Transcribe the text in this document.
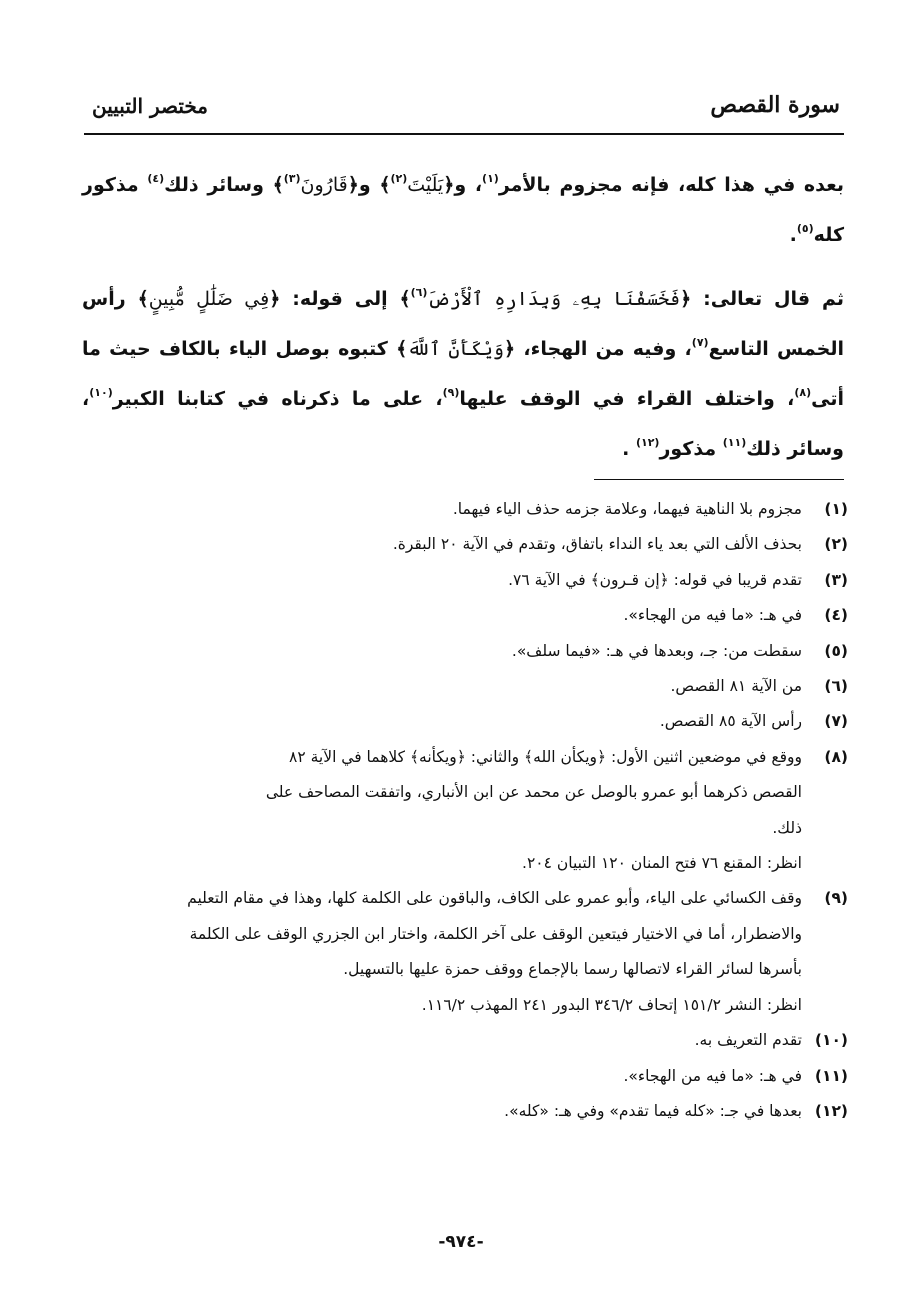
سورة القصص
مختصر التبيين

بعده في هذا كله، فإنه مجزوم بالأمر$^{(١)}$، و﴿يَلَيْتَ$^{(٢)}$﴾ و﴿قَارُونَ$^{(٣)}$﴾ وسائر ذلك$^{(٤)}$ مذكور كله$^{(٥)}$.

ثم قال تعالى: ﴿فَخَسَفْنَا بِهِۦ وَبِدَارِهِ ٱلْأَرْضَ$^{(٦)}$﴾ إلى قوله: ﴿فِي ضَلَٰلٍ مُّبِينٍ﴾ رأس الخمس التاسع$^{(٧)}$، وفيه من الهجاء، ﴿وَيْكَأَنَّ ٱللَّهَ﴾ كتبوه بوصل الياء بالكاف حيث ما أتى$^{(٨)}$، واختلف القراء في الوقف عليها$^{(٩)}$، على ما ذكرناه في كتابنا الكبير$^{(١٠)}$، وسائر ذلك$^{(١١)}$ مذكور$^{(١٢)}$ .

(١)
مجزوم بلا الناهية فيهما، وعلامة جزمه حذف الياء فيهما.
(٢)
بحذف الألف التي بعد ياء النداء باتفاق، وتقدم في الآية ٢٠ البقرة.
(٣)
تقدم قريبا في قوله: ﴿إن قـرون﴾ في الآية ٧٦.
(٤)
في هـ: «ما فيه من الهجاء».
(٥)
سقطت من: جـ، وبعدها في هـ: «فيما سلف».
(٦)
من الآية ٨١ القصص.
(٧)
رأس الآية ٨٥ القصص.
(٨)
ووقع في موضعين اثنين الأول: ﴿ويكأن الله﴾ والثاني: ﴿ويكأنه﴾ كلاهما في الآية ٨٢
القصص ذكرهما أبو عمرو بالوصل عن محمد عن ابن الأنباري، واتفقت المصاحف على
ذلك.
انظر: المقنع ٧٦ فتح المنان ١٢٠ التبيان ٢٠٤.
(٩)
وقف الكسائي على الياء، وأبو عمرو على الكاف، والباقون على الكلمة كلها، وهذا في مقام التعليم
والاضطرار، أما في الاختيار فيتعين الوقف على آخر الكلمة، واختار ابن الجزري الوقف على الكلمة
بأسرها لسائر القراء لاتصالها رسما بالإجماع ووقف حمزة عليها بالتسهيل.
انظر: النشر ١٥١/٢ إتحاف ٣٤٦/٢ البدور ٢٤١ المهذب ١١٦/٢.
(١٠)
تقدم التعريف به.
(١١)
في هـ: «ما فيه من الهجاء».
(١٢)
بعدها في جـ: «كله فيما تقدم» وفي هـ: «كله».
-٩٧٤-
